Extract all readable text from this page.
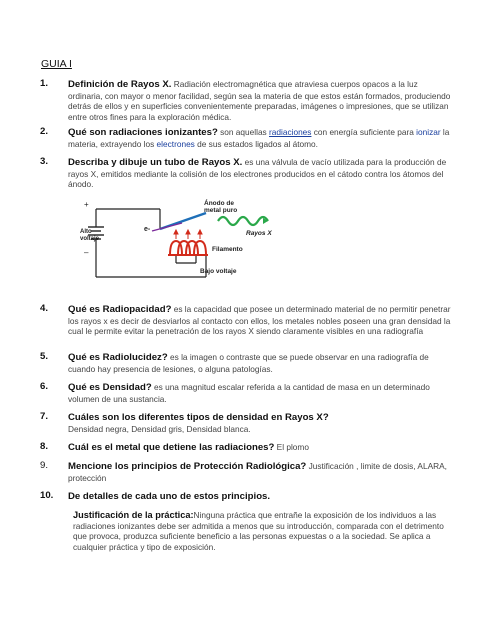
GUIA I
1.	Definición de Rayos X. Radiación electromagnética que atraviesa cuerpos opacos a la luz ordinaria, con mayor o menor facilidad, según sea la materia de que estos están formados, produciendo detrás de ellos y en superficies convenientemente preparadas, imágenes o impresiones, que se utilizan entre otros fines para la exploración médica.
2.	Qué son radiaciones ionizantes? son aquellas radiaciones con energía suficiente para ionizar la materia, extrayendo los electrones de sus estados ligados al átomo.
3.	Describa y dibuje un tubo de Rayos X. es una válvula de vacío utilizada para la producción de rayos X, emitidos mediante la colisión de los electrones producidos en el cátodo contra los átomos del ánodo.
+
–
Alto
voltaje
Ánodo de
metal puro
e-
Rayos X
Filamento
Bajo voltaje
4.	Qué es Radiopacidad? es la capacidad que posee un determinado material de no permitir penetrar los rayos x es decir de desviarlos al contacto con ellos, los metales nobles poseen una gran densidad la cual le permite evitar la penetración de los rayos X siendo claramente visibles en una radiografía
5.	Qué es Radiolucidez? es la imagen o contraste que se puede observar en una radiografía de cuando hay presencia de lesiones, o alguna patologías.
6.	Qué es Densidad? es una magnitud escalar referida a la cantidad de masa en un determinado volumen de una sustancia.
7.	Cuáles son los diferentes tipos de densidad en Rayos X?
Densidad negra, Densidad gris, Densidad blanca.
8.	Cuál es el metal que detiene las radiaciones? El plomo
9.	Mencione los principios de Protección Radiológica? Justificación , limite de dosis, ALARA, protección
10.	De detalles de cada uno de estos principios.
Justificación de la práctica:Ninguna práctica que entrañe la exposición de los individuos a las radiaciones ionizantes debe ser admitida a menos que su introducción, comparada con el detrimento que provoca, produzca suficiente beneficio a las personas expuestas o a la sociedad. Se aplica a cualquier práctica y tipo de exposición.
